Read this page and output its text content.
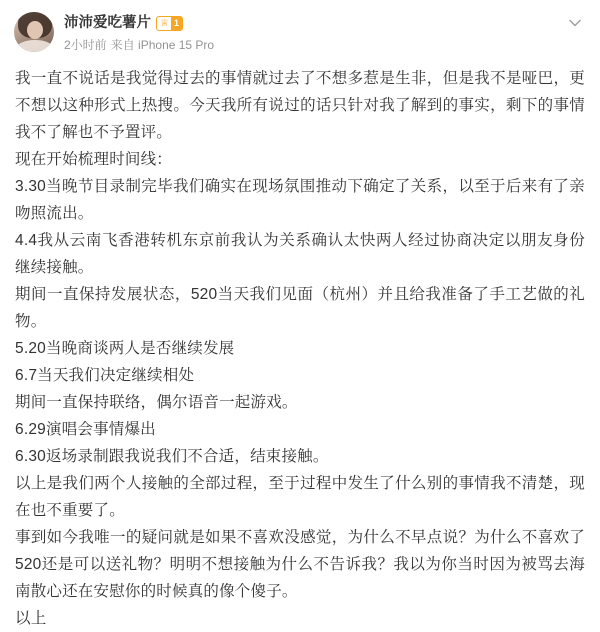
沛沛爱吃薯片 ♕ 1
2小时前 来自 iPhone 15 Pro

我一直不说话是我觉得过去的事情就过去了不想多惹是生非，但是我不是哑巴，更不想以这种形式上热搜。今天我所有说过的话只针对我了解到的事实，剩下的事情我不了解也不予置评。

现在开始梳理时间线：

3.30当晚节目录制完毕我们确实在现场氛围推动下确定了关系，以至于后来有了亲吻照流出。

4.4我从云南飞香港转机东京前我认为关系确认太快两人经过协商决定以朋友身份继续接触。

期间一直保持发展状态，520当天我们见面（杭州）并且给我准备了手工艺做的礼物。

5.20当晚商谈两人是否继续发展

6.7当天我们决定继续相处

期间一直保持联络，偶尔语音一起游戏。

6.29演唱会事情爆出

6.30返场录制跟我说我们不合适，结束接触。

以上是我们两个人接触的全部过程，至于过程中发生了什么别的事情我不清楚，现在也不重要了。

事到如今我唯一的疑问就是如果不喜欢没感觉，为什么不早点说？为什么不喜欢了520还是可以送礼物？明明不想接触为什么不告诉我？我以为你当时因为被骂去海南散心还在安慰你的时候真的像个傻子。

以上
